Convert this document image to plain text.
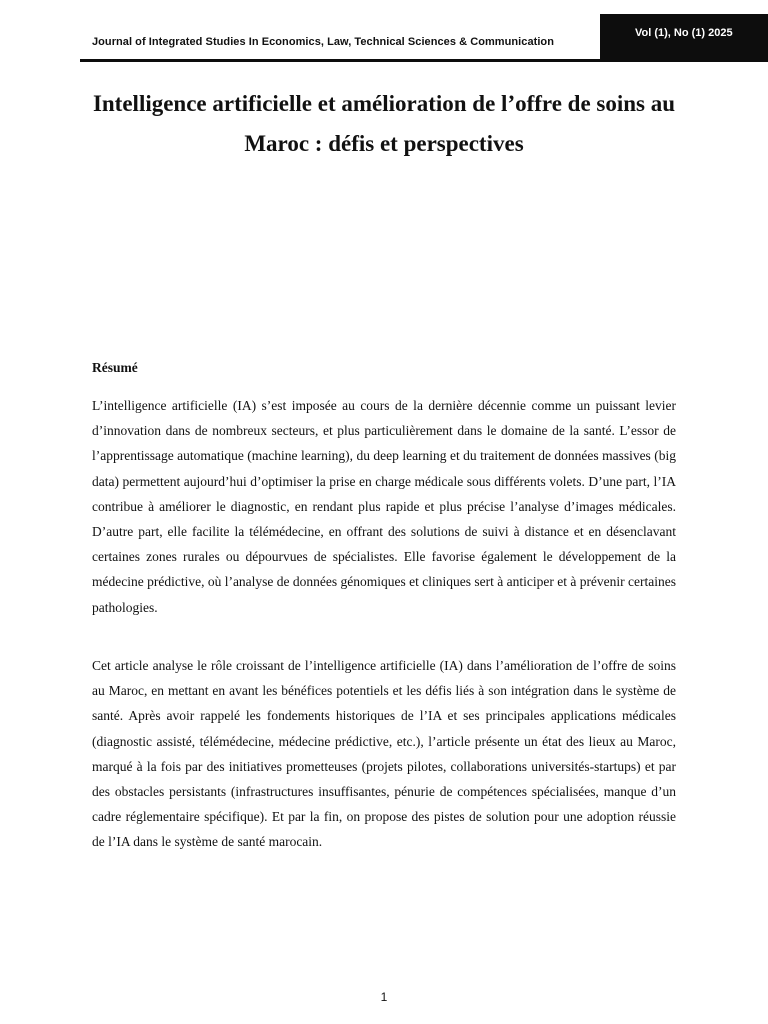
Journal of Integrated Studies In Economics, Law, Technical Sciences & Communication
Vol (1), No (1) 2025
Intelligence artificielle et amélioration de l’offre de soins au Maroc : défis et perspectives
Résumé

L’intelligence artificielle (IA) s’est imposée au cours de la dernière décennie comme un puissant levier d’innovation dans de nombreux secteurs, et plus particulièrement dans le domaine de la santé. L’essor de l’apprentissage automatique (machine learning), du deep learning et du traitement de données massives (big data) permettent aujourd’hui d’optimiser la prise en charge médicale sous différents volets. D’une part, l’IA contribue à améliorer le diagnostic, en rendant plus rapide et plus précise l’analyse d’images médicales. D’autre part, elle facilite la télémédecine, en offrant des solutions de suivi à distance et en désenclavant certaines zones rurales ou dépourvues de spécialistes. Elle favorise également le développement de la médecine prédictive, où l’analyse de données génomiques et cliniques sert à anticiper et à prévenir certaines pathologies.

Cet article analyse le rôle croissant de l’intelligence artificielle (IA) dans l’amélioration de l’offre de soins au Maroc, en mettant en avant les bénéfices potentiels et les défis liés à son intégration dans le système de santé. Après avoir rappelé les fondements historiques de l’IA et ses principales applications médicales (diagnostic assisté, télémédecine, médecine prédictive, etc.), l’article présente un état des lieux au Maroc, marqué à la fois par des initiatives prometteuses (projets pilotes, collaborations universités-startups) et par des obstacles persistants (infrastructures insuffisantes, pénurie de compétences spécialisées, manque d’un cadre réglementaire spécifique). Et par la fin, on propose des pistes de solution pour une adoption réussie de l’IA dans le système de santé marocain.

1
